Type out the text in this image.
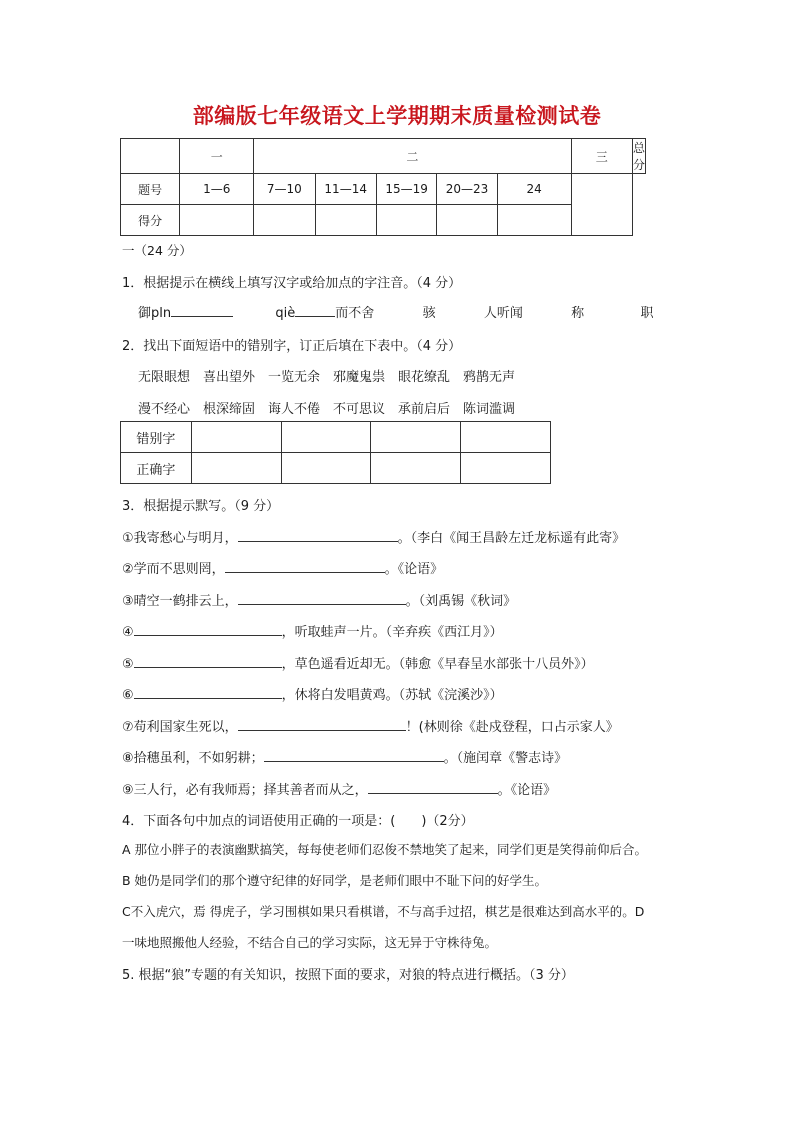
部编版七年级语文上学期期末质量检测试卷
	一	二					三	总分
题号	1—6	7—10	11—14	15—19	20—23	24		
得分								
一（24 分）
1．根据提示在横线上填写汉字或给加点的字注音。（4 分）
御pln	qiè	而不舍	骇	人听闻	称	职
2．找出下面短语中的错别字，订正后填在下表中。（4 分）
无限眼想　喜出望外　一览无余　邪魔鬼祟　眼花缭乱　鸦鹊无声
漫不经心　根深缔固　诲人不倦　不可思议　承前启后　陈词滥调
错别字				
正确字				
3．根据提示默写。（9 分）
①我寄愁心与明月，	。（李白《闻王昌龄左迁龙标遥有此寄》
②学而不思则罔，	。《论语》
③晴空一鹤排云上，	。（刘禹锡《秋词》
④	，听取蛙声一片。（辛弃疾《西江月》）
⑤	，草色遥看近却无。（韩愈《早春呈水部张十八员外》）
⑥	，休将白发唱黄鸡。（苏轼《浣溪沙》）
⑦苟利国家生死以，	！(林则徐《赴戍登程，口占示家人》
⑧拾穗虽利，不如躬耕；	。（施闰章《警志诗》
⑨三人行，必有我师焉；择其善者而从之，	。《论语》
4．下面各句中加点的词语使用正确的一项是：(　　)（2分）
A 那位小胖子的表演幽默搞笑，每每使老师们忍俊不禁地笑了起来，同学们更是笑得前仰后合。
B 她仍是同学们的那个遵守纪律的好同学，是老师们眼中不耻下问的好学生。
C不入虎穴，焉 得虎子，学习围棋如果只看棋谱，不与高手过招，棋艺是很难达到高水平的。D
一味地照搬他人经验，不结合自己的学习实际，这无异于守株待兔。
5. 根据“狼”专题的有关知识，按照下面的要求，对狼的特点进行概括。（3 分）
